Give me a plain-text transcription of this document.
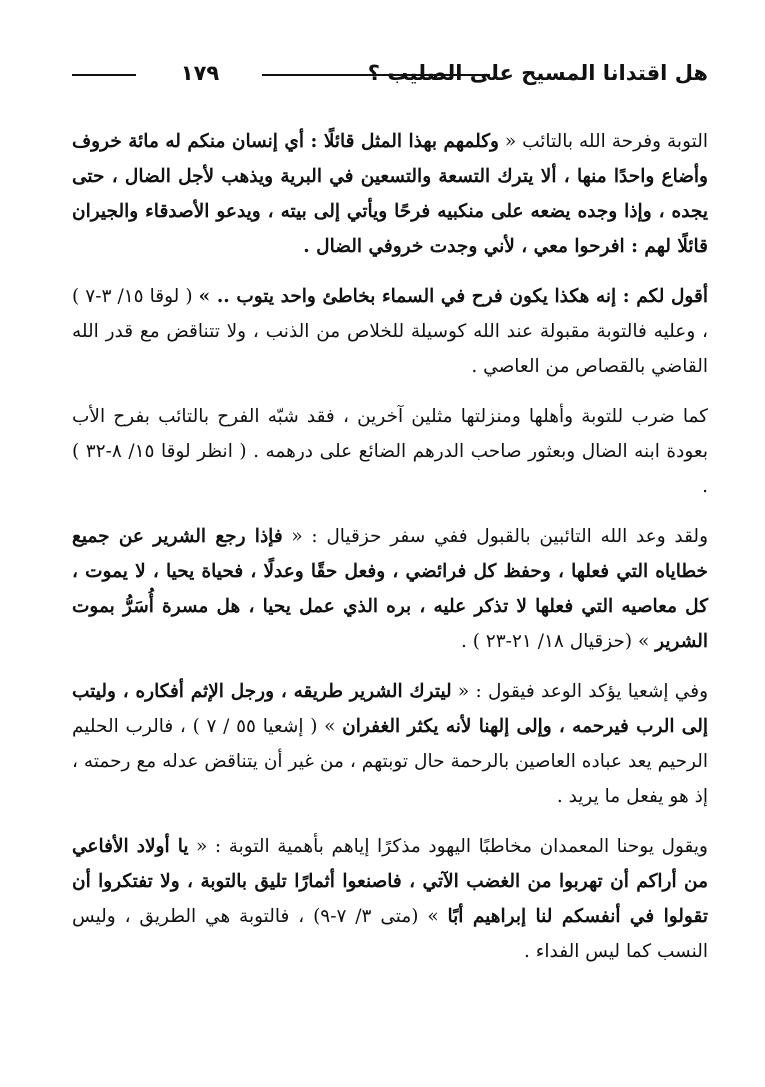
هل اقتدانا المسيح على الصليب ؟
١٧٩

التوبة وفرحة الله بالتائب « وكلمهم بهذا المثل قائلًا : أي إنسان منكم له مائة خروف وأضاع واحدًا منها ، ألا يترك التسعة والتسعين في البرية ويذهب لأجل الضال ، حتى يجده ، وإذا وجده يضعه على منكبيه فرحًا ويأتي إلى بيته ، ويدعو الأصدقاء والجيران قائلًا لهم : افرحوا معي ، لأني وجدت خروفي الضال .

أقول لكم : إنه هكذا يكون فرح في السماء بخاطئ واحد يتوب .. » ( لوقا ١٥/ ٣-٧ ) ، وعليه فالتوبة مقبولة عند الله كوسيلة للخلاص من الذنب ، ولا تتناقض مع قدر الله القاضي بالقصاص من العاصي .

كما ضرب للتوبة وأهلها ومنزلتها مثلين آخرين ، فقد شبّه الفرح بالتائب بفرح الأب بعودة ابنه الضال وبعثور صاحب الدرهم الضائع على درهمه . ( انظر لوقا ١٥/ ٨-٣٢ ) .

ولقد وعد الله التائبين بالقبول ففي سفر حزقيال : « فإذا رجع الشرير عن جميع خطاياه التي فعلها ، وحفظ كل فرائضي ، وفعل حقًا وعدلًا ، فحياة يحيا ، لا يموت ، كل معاصيه التي فعلها لا تذكر عليه ، بره الذي عمل يحيا ، هل مسرة أُسَرُّ بموت الشرير » (حزقيال ١٨/ ٢١-٢٣ ) .

وفي إشعيا يؤكد الوعد فيقول : « ليترك الشرير طريقه ، ورجل الإثم أفكاره ، وليتب إلى الرب فيرحمه ، وإلى إلهنا لأنه يكثر الغفران » ( إشعيا ٥٥ / ٧ ) ، فالرب الحليم الرحيم يعد عباده العاصين بالرحمة حال توبتهم ، من غير أن يتناقض عدله مع رحمته ، إذ هو يفعل ما يريد .

ويقول يوحنا المعمدان مخاطبًا اليهود مذكرًا إياهم بأهمية التوبة : « يا أولاد الأفاعي من أراكم أن تهربوا من الغضب الآتي ، فاصنعوا أثمارًا تليق بالتوبة ، ولا تفتكروا أن تقولوا في أنفسكم لنا إبراهيم أبًا » (متى ٣/ ٧-٩) ، فالتوبة هي الطريق ، وليس النسب كما ليس الفداء .
